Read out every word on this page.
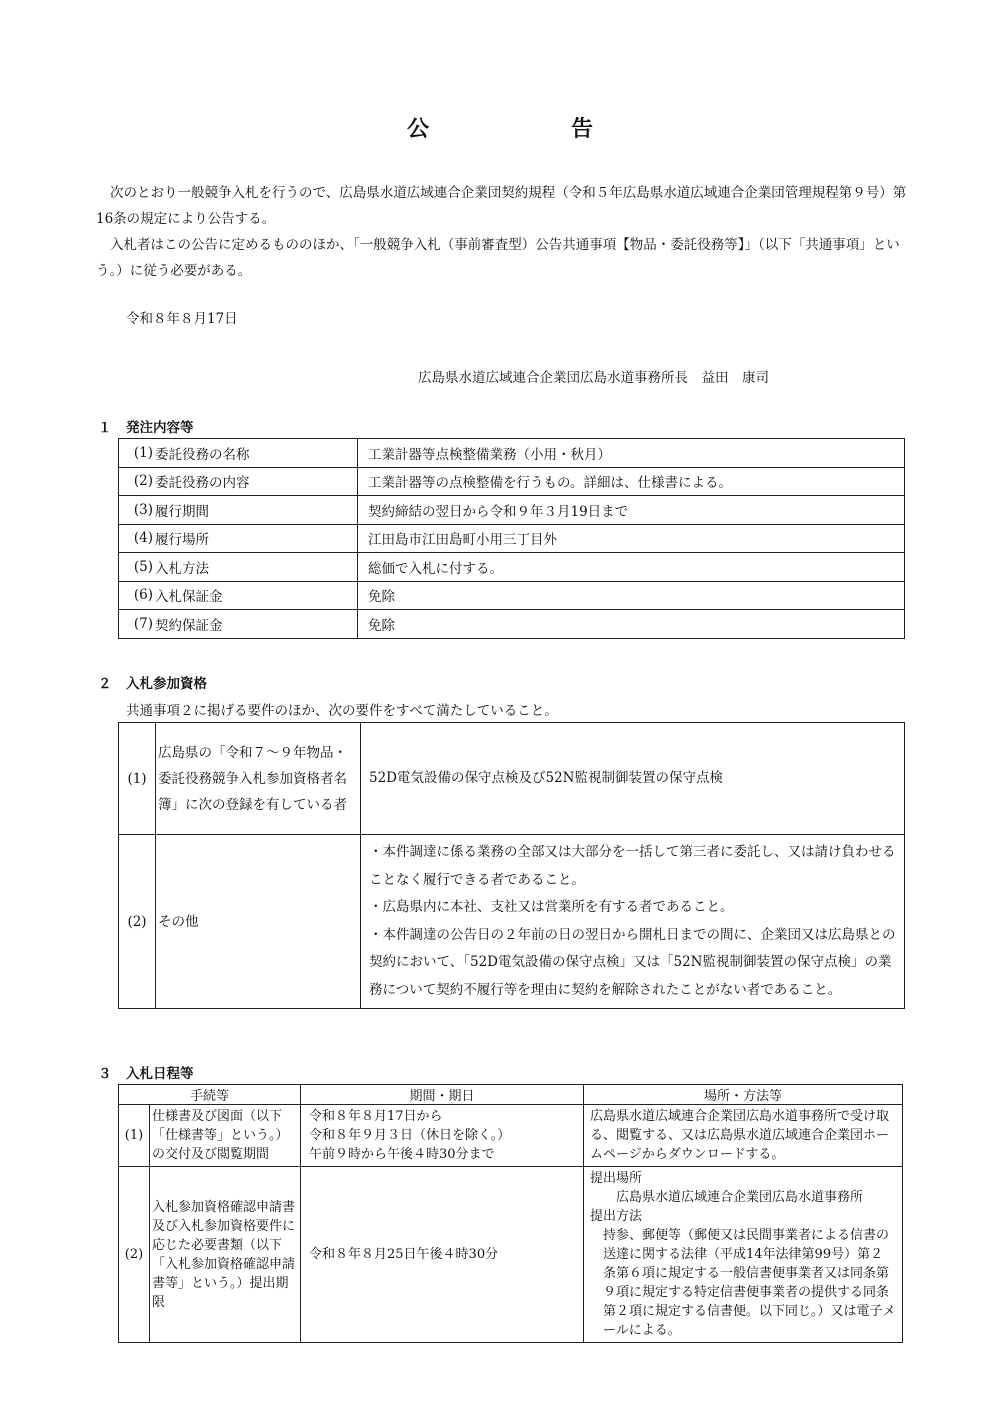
公　告
次のとおり一般競争入札を行うので、広島県水道広域連合企業団契約規程（令和５年広島県水道広域連合企業団管理規程第９号）第16条の規定により公告する。
入札者はこの公告に定めるもののほか、「一般競争入札（事前審査型）公告共通事項【物品・委託役務等】」（以下「共通事項」という。）に従う必要がある。
令和８年８月17日
広島県水道広域連合企業団広島水道事務所長　益田　康司
１ 発注内容等
(1)	委託役務の名称	工業計器等点検整備業務（小用・秋月）
(2)	委託役務の内容	工業計器等の点検整備を行うもの。詳細は、仕様書による。
(3)	履行期間	契約締結の翌日から令和９年３月19日まで
(4)	履行場所	江田島市江田島町小用三丁目外
(5)	入札方法	総価で入札に付する。
(6)	入札保証金	免除
(7)	契約保証金	免除
２ 入札参加資格
共通事項２に掲げる要件のほか、次の要件をすべて満たしていること。
(1)	広島県の「令和７～９年物品・委託役務競争入札参加資格者名簿」に次の登録を有している者	52D電気設備の保守点検及び52N監視制御装置の保守点検

(2)	その他	・本件調達に係る業務の全部又は大部分を一括して第三者に委託し、又は請け負わせることなく履行できる者であること。
・広島県内に本社、支社又は営業所を有する者であること。
・本件調達の公告日の２年前の日の翌日から開札日までの間に、企業団又は広島県との契約において、「52D電気設備の保守点検」又は「52N監視制御装置の保守点検」の業務について契約不履行等を理由に契約を解除されたことがない者であること。
３ 入札日程等
手続等		期間・期日	場所・方法等
(1)	仕様書及び図面（以下「仕様書等」という。）の交付及び閲覧期間	令和８年８月17日から
令和８年９月３日（休日を除く。）
午前９時から午後４時30分まで	広島県水道広域連合企業団広島水道事務所で受け取る、閲覧する、又は広島県水道広域連合企業団ホームページからダウンロードする。

(2)	入札参加資格確認申請書及び入札参加資格要件に応じた必要書類（以下「入札参加資格確認申請書等」という。）提出期限	令和８年８月25日午後４時30分	提出場所
広島県水道広域連合企業団広島水道事務所
提出方法
持参、郵便等（郵便又は民間事業者による信書の送達に関する法律（平成14年法律第99号）第２条第６項に規定する一般信書便事業者又は同条第９項に規定する特定信書便事業者の提供する同条第２項に規定する信書便。以下同じ。）又は電子メールによる。
